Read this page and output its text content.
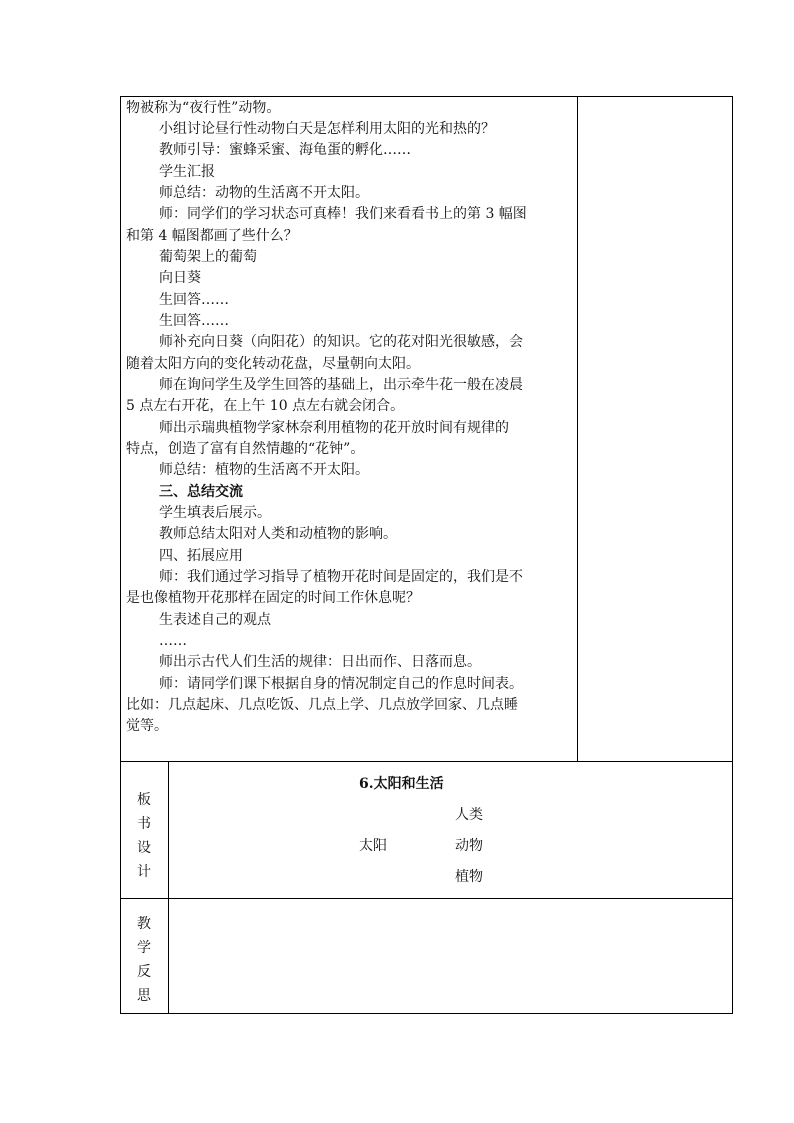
物被称为“夜行性”动物。

小组讨论昼行性动物白天是怎样利用太阳的光和热的？

教师引导：蜜蜂采蜜、海龟蛋的孵化……

学生汇报

师总结：动物的生活离不开太阳。

师：同学们的学习状态可真棒！我们来看看书上的第 3 幅图

和第 4 幅图都画了些什么？

葡萄架上的葡萄

向日葵

生回答……

生回答……

师补充向日葵（向阳花）的知识。它的花对阳光很敏感，会

随着太阳方向的变化转动花盘，尽量朝向太阳。

师在询问学生及学生回答的基础上，出示牵牛花一般在凌晨

5 点左右开花，在上午 10 点左右就会闭合。

师出示瑞典植物学家林奈利用植物的花开放时间有规律的

特点，创造了富有自然情趣的“花钟”。

师总结：植物的生活离不开太阳。

三、总结交流

学生填表后展示。

教师总结太阳对人类和动植物的影响。

四、拓展应用

师：我们通过学习指导了植物开花时间是固定的，我们是不

是也像植物开花那样在固定的时间工作休息呢？

生表述自己的观点

……

师出示古代人们生活的规律：日出而作、日落而息。

师：请同学们课下根据自身的情况制定自己的作息时间表。

比如：几点起床、几点吃饭、几点上学、几点放学回家、几点睡

觉等。

板
书
设
计
6.太阳和生活
人类
太阳	动物
植物
教
学
反
思
